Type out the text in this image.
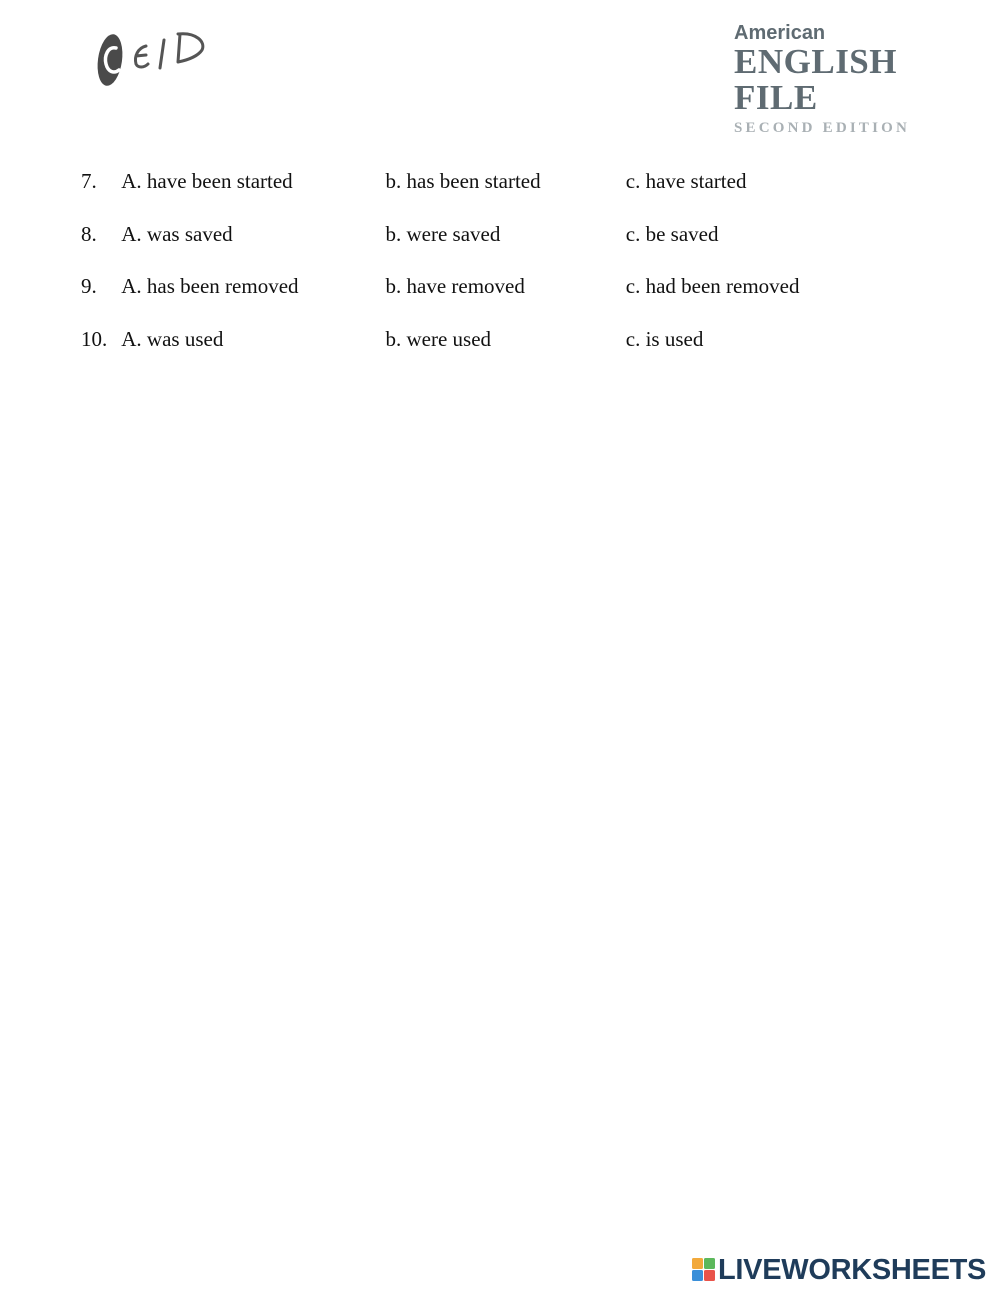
American
ENGLISH FILE
SECOND EDITION
7. A. have been started	b. has been started	c. have started
8. A. was saved	b. were saved	c. be saved
9. A. has been removed	b. have removed	c. had been removed
10. A. was used	b. were used	c. is used
LIVEWORKSHEETS
